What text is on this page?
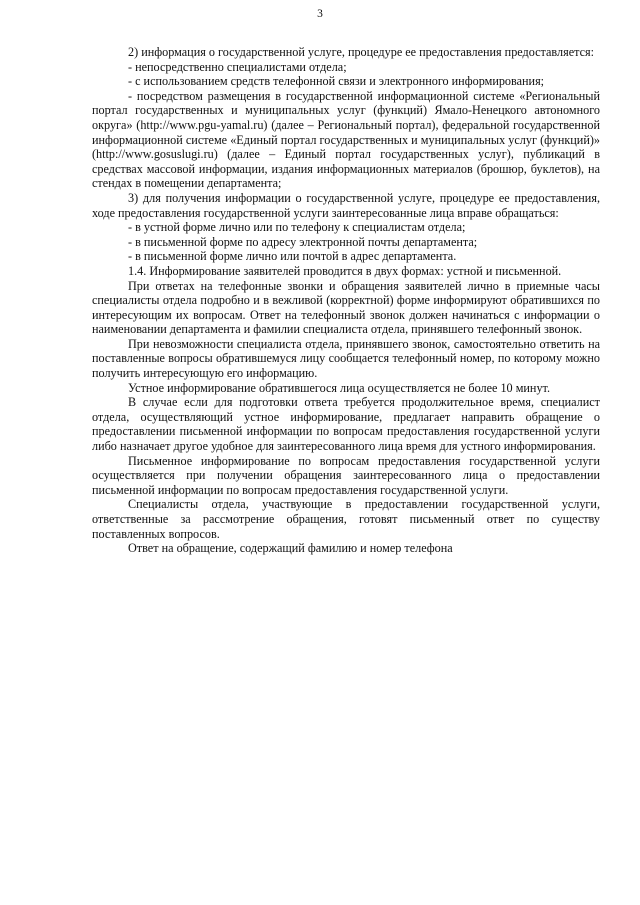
3

2) информация о государственной услуге, процедуре ее предоставления предоставляется:

- непосредственно специалистами отдела;

- с использованием средств телефонной связи и электронного информирования;

- посредством размещения в государственной информационной системе «Региональный портал государственных и муниципальных услуг (функций) Ямало-Ненецкого автономного округа» (http://www.pgu-yamal.ru) (далее – Региональный портал), федеральной государственной информационной системе «Единый портал государственных и муниципальных услуг (функций)» (http://www.gosuslugi.ru) (далее – Единый портал государственных услуг), публикаций в средствах массовой информации, издания информационных материалов (брошюр, буклетов), на стендах в помещении департамента;

3) для получения информации о государственной услуге, процедуре ее предоставления, ходе предоставления государственной услуги заинтересованные лица вправе обращаться:

- в устной форме лично или по телефону к специалистам отдела;

- в письменной форме по адресу электронной почты департамента;

- в письменной форме лично или почтой в адрес департамента.

1.4. Информирование заявителей проводится в двух формах: устной и письменной.

При ответах на телефонные звонки и обращения заявителей лично в приемные часы специалисты отдела подробно и в вежливой (корректной) форме информируют обратившихся по интересующим их вопросам. Ответ на телефонный звонок должен начинаться с информации о наименовании департамента и фамилии специалиста отдела, принявшего телефонный звонок.

При невозможности специалиста отдела, принявшего звонок, самостоятельно ответить на поставленные вопросы обратившемуся лицу сообщается телефонный номер, по которому можно получить интересующую его информацию.

Устное информирование обратившегося лица осуществляется не более 10 минут.

В случае если для подготовки ответа требуется продолжительное время, специалист отдела, осуществляющий устное информирование, предлагает направить обращение о предоставлении письменной информации по вопросам предоставления государственной услуги либо назначает другое удобное для заинтересованного лица время для устного информирования.

Письменное информирование по вопросам предоставления государственной услуги осуществляется при получении обращения заинтересованного лица о предоставлении письменной информации по вопросам предоставления государственной услуги.

Специалисты отдела, участвующие в предоставлении государственной услуги, ответственные за рассмотрение обращения, готовят письменный ответ по существу поставленных вопросов.

Ответ на обращение, содержащий фамилию и номер телефона
